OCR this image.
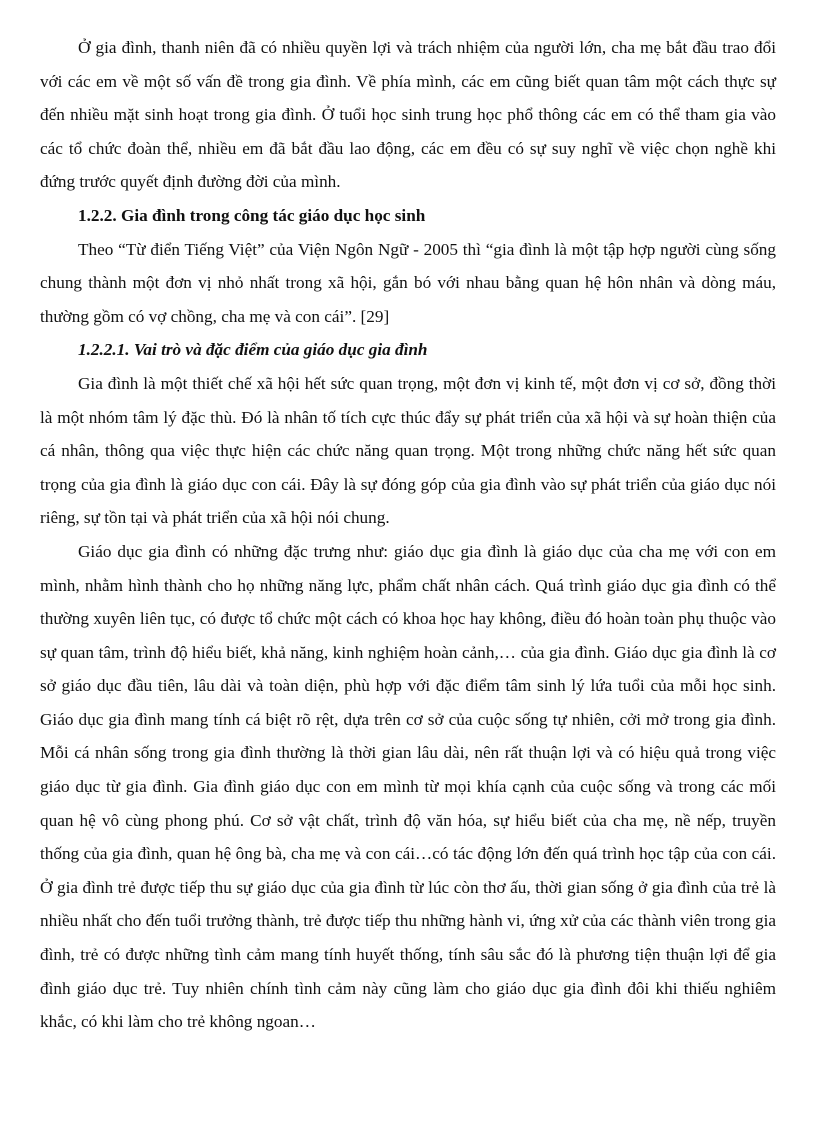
Ở gia đình, thanh niên đã có nhiều quyền lợi và trách nhiệm của người lớn, cha mẹ bắt đầu trao đổi với các em về một số vấn đề trong gia đình. Về phía mình, các em cũng biết quan tâm một cách thực sự đến nhiều mặt sinh hoạt trong gia đình. Ở tuổi học sinh trung học phổ thông các em có thể tham gia vào các tổ chức đoàn thể, nhiều em đã bắt đầu lao động, các em đều có sự suy nghĩ về việc chọn nghề khi đứng trước quyết định đường đời của mình.

1.2.2. Gia đình trong công tác giáo dục học sinh

Theo “Từ điển Tiếng Việt” của Viện Ngôn Ngữ - 2005 thì “gia đình là một tập hợp người cùng sống chung thành một đơn vị nhỏ nhất trong xã hội, gắn bó với nhau bằng quan hệ hôn nhân và dòng máu, thường gồm có vợ chồng, cha mẹ và con cái”. [29]

1.2.2.1. Vai trò và đặc điểm của giáo dục gia đình

Gia đình là một thiết chế xã hội hết sức quan trọng, một đơn vị kinh tế, một đơn vị cơ sở, đồng thời là một nhóm tâm lý đặc thù. Đó là nhân tố tích cực thúc đẩy sự phát triển của xã hội và sự hoàn thiện của cá nhân, thông qua việc thực hiện các chức năng quan trọng. Một trong những chức năng hết sức quan trọng của gia đình là giáo dục con cái. Đây là sự đóng góp của gia đình vào sự phát triển của giáo dục nói riêng, sự tồn tại và phát triển của xã hội nói chung.

Giáo dục gia đình có những đặc trưng như: giáo dục gia đình là giáo dục của cha mẹ với con em mình, nhằm hình thành cho họ những năng lực, phẩm chất nhân cách. Quá trình giáo dục gia đình có thể thường xuyên liên tục, có được tổ chức một cách có khoa học hay không, điều đó hoàn toàn phụ thuộc vào sự quan tâm, trình độ hiểu biết, khả năng, kinh nghiệm hoàn cảnh,… của gia đình. Giáo dục gia đình là cơ sở giáo dục đầu tiên, lâu dài và toàn diện, phù hợp với đặc điểm tâm sinh lý lứa tuổi của mỗi học sinh. Giáo dục gia đình mang tính cá biệt rõ rệt, dựa trên cơ sở của cuộc sống tự nhiên, cởi mở trong gia đình. Mỗi cá nhân sống trong gia đình thường là thời gian lâu dài, nên rất thuận lợi và có hiệu quả trong việc giáo dục từ gia đình. Gia đình giáo dục con em mình từ mọi khía cạnh của cuộc sống và trong các mối quan hệ vô cùng phong phú. Cơ sở vật chất, trình độ văn hóa, sự hiểu biết của cha mẹ, nề nếp, truyền thống của gia đình, quan hệ ông bà, cha mẹ và con cái…có tác động lớn đến quá trình học tập của con cái. Ở gia đình trẻ được tiếp thu sự giáo dục của gia đình từ lúc còn thơ ấu, thời gian sống ở gia đình của trẻ là nhiều nhất cho đến tuổi trưởng thành, trẻ được tiếp thu những hành vi, ứng xử của các thành viên trong gia đình, trẻ có được những tình cảm mang tính huyết thống, tính sâu sắc đó là phương tiện thuận lợi để gia đình giáo dục trẻ. Tuy nhiên chính tình cảm này cũng làm cho giáo dục gia đình đôi khi thiếu nghiêm khắc, có khi làm cho trẻ không ngoan…
